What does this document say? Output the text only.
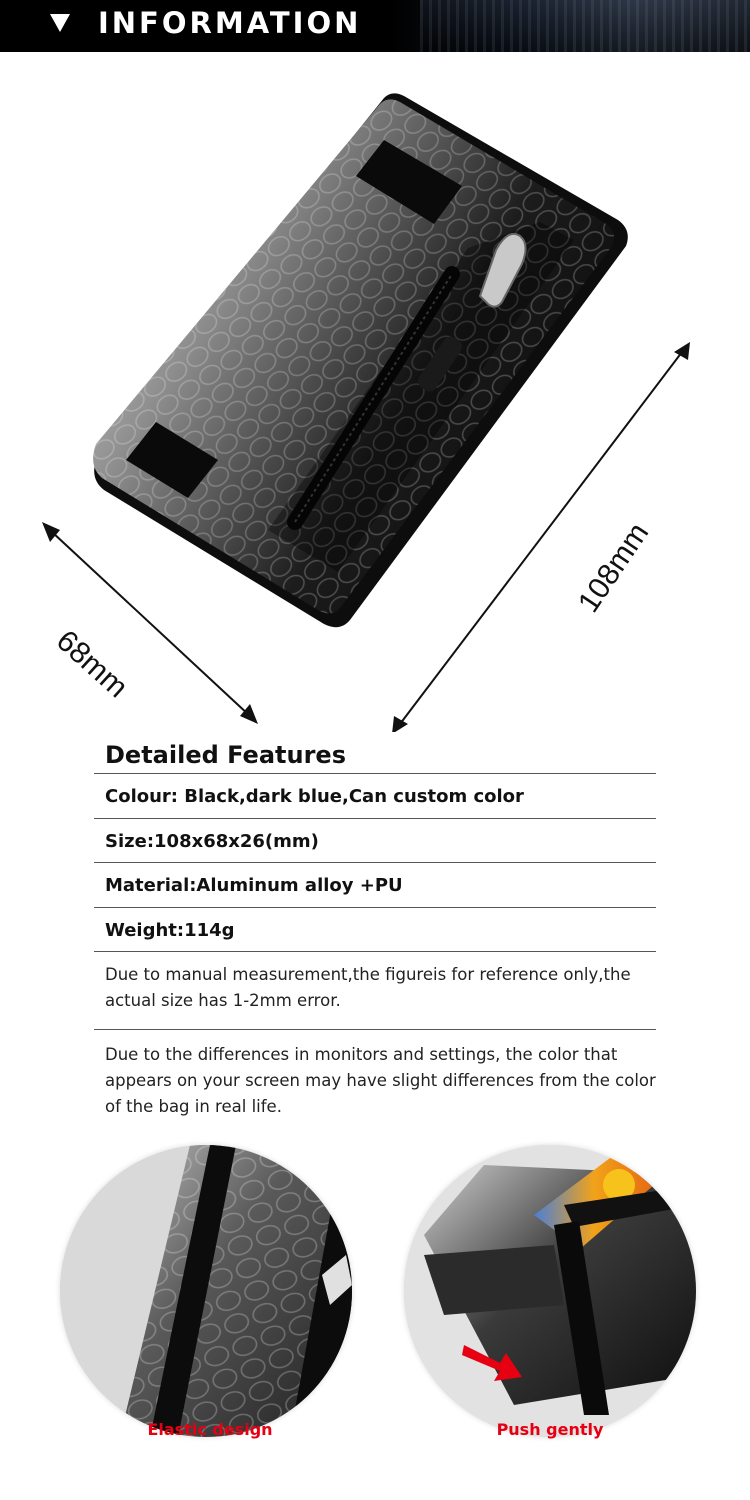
INFORMATION
68mm
108mm
Detailed Features
Colour: Black,dark blue,Can custom color
Size:108x68x26(mm)
Material:Aluminum alloy +PU
Weight:114g
Due to manual measurement,the figureis for reference only,the actual size has 1-2mm error.
Due to the differences in monitors and settings, the color that appears on your screen may have slight differences from the color of the bag in real life.
Elastic design	Push gently
